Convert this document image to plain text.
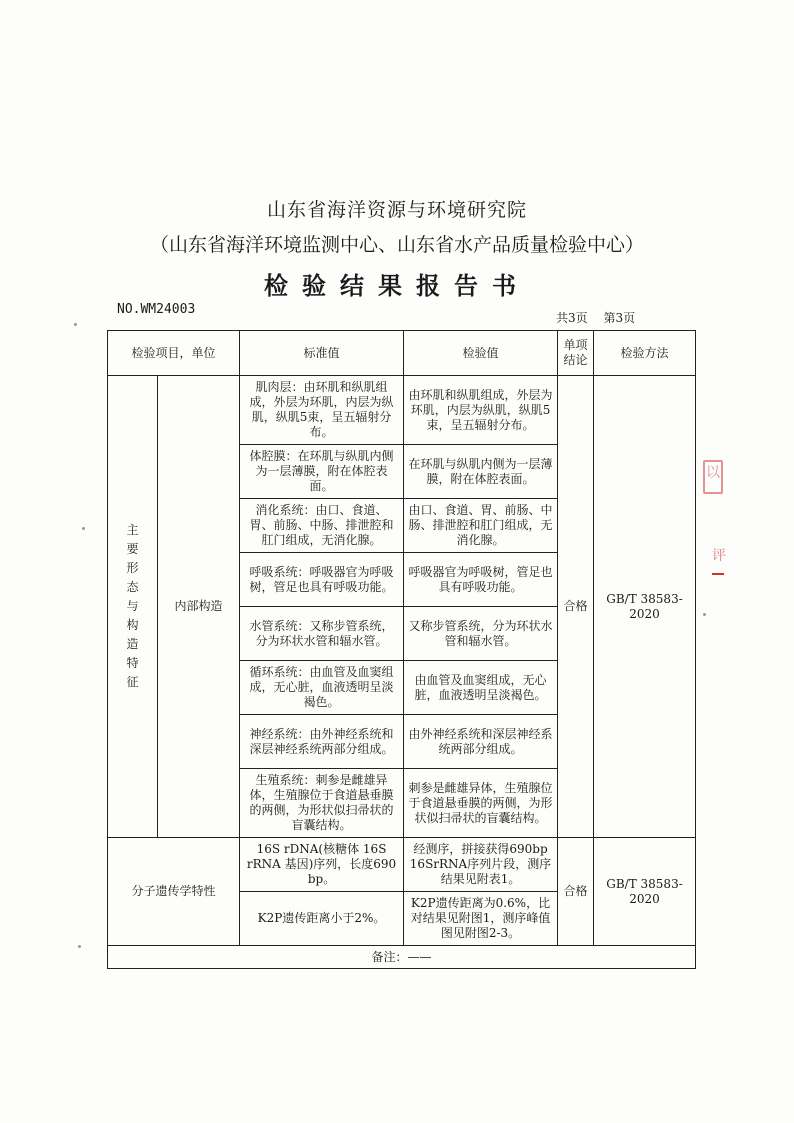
山东省海洋资源与环境研究院
（山东省海洋环境监测中心、山东省水产品质量检验中心）
检验结果报告书
NO.WM24003
共3页 第3页
检验项目，单位		标准值	检验值	单项结论	检验方法
主要形态与构造特征	内部构造	肌肉层：由环肌和纵肌组成，外层为环肌，内层为纵肌，纵肌5束，呈五辐射分布。	由环肌和纵肌组成，外层为环肌，内层为纵肌，纵肌5束，呈五辐射分布。	合格	GB/T 38583-2020
		体腔膜：在环肌与纵肌内侧为一层薄膜，附在体腔表面。	在环肌与纵肌内侧为一层薄膜，附在体腔表面。		
		消化系统：由口、食道、胃、前肠、中肠、排泄腔和肛门组成，无消化腺。	由口、食道、胃、前肠、中肠、排泄腔和肛门组成，无消化腺。		
		呼吸系统：呼吸器官为呼吸树，管足也具有呼吸功能。	呼吸器官为呼吸树，管足也具有呼吸功能。		
		水管系统：又称步管系统，分为环状水管和辐水管。	又称步管系统，分为环状水管和辐水管。		
		循环系统：由血管及血窦组成，无心脏，血液透明呈淡褐色。	由血管及血窦组成，无心脏，血液透明呈淡褐色。		
		神经系统：由外神经系统和深层神经系统两部分组成。	由外神经系统和深层神经系统两部分组成。		
		生殖系统：刺参是雌雄异体，生殖腺位于食道悬垂膜的两侧，为形状似扫帚状的盲囊结构。	刺参是雌雄异体，生殖腺位于食道悬垂膜的两侧，为形状似扫帚状的盲囊结构。		
分子遗传学特性		16S rDNA(核糖体 16S rRNA 基因)序列，长度690 bp。	经测序，拼接获得690bp 16SrRNA序列片段，测序结果见附表1。	合格	GB/T 38583-2020
		K2P遗传距离小于2%。	K2P遗传距离为0.6%，比对结果见附图1，测序峰值图见附图2-3。		
备注：——					
以
评
